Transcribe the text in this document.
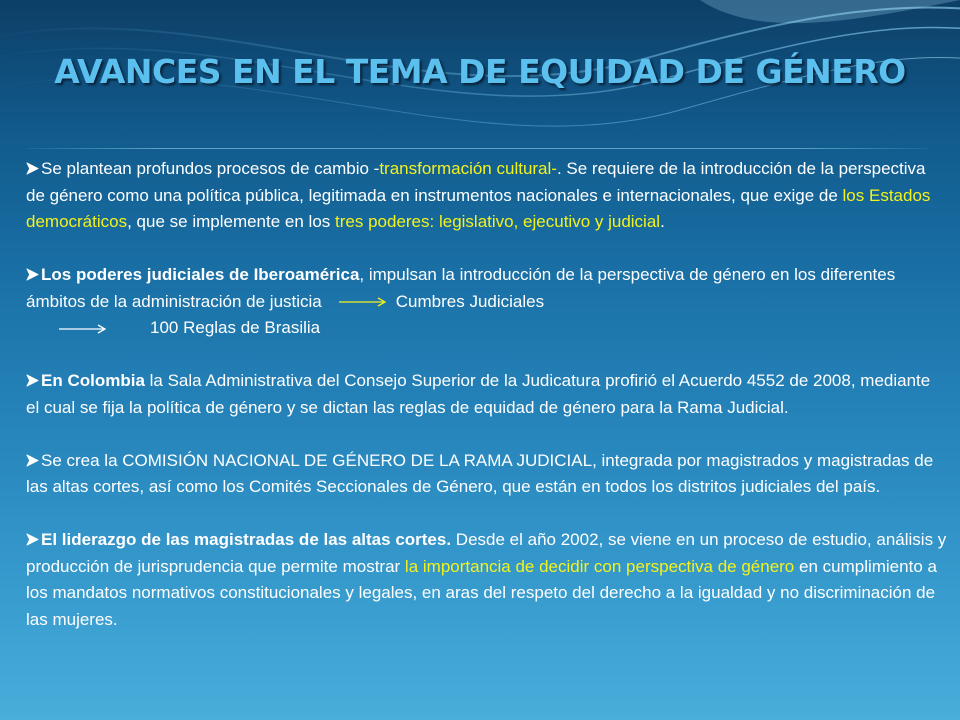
AVANCES EN EL TEMA DE EQUIDAD DE GÉNERO

Se plantean profundos procesos de cambio -transformación cultural-. Se requiere de la introducción de la perspectiva de género como una política pública, legitimada en instrumentos nacionales e internacionales, que exige de los Estados democráticos, que se implemente en los tres poderes: legislativo, ejecutivo y judicial.

Los poderes judiciales de Iberoamérica, impulsan la introducción de la perspectiva de género en los diferentes ámbitos de la administración de justicia	Cumbres Judiciales
100 Reglas de Brasilia

En Colombia la Sala Administrativa del Consejo Superior de la Judicatura profirió el Acuerdo 4552 de 2008, mediante el cual se fija la política de género y se dictan las reglas de equidad de género para la Rama Judicial.

Se crea la COMISIÓN NACIONAL DE GÉNERO DE LA RAMA JUDICIAL, integrada por magistrados y magistradas de las altas cortes, así como los Comités Seccionales de Género, que están en todos los distritos judiciales del país.

El liderazgo de las magistradas de las altas cortes. Desde el año 2002, se viene en un proceso de estudio, análisis y producción de jurisprudencia que permite mostrar la importancia de decidir con perspectiva de género en cumplimiento a los mandatos normativos constitucionales y legales, en aras del respeto del derecho a la igualdad y no discriminación de las mujeres.
